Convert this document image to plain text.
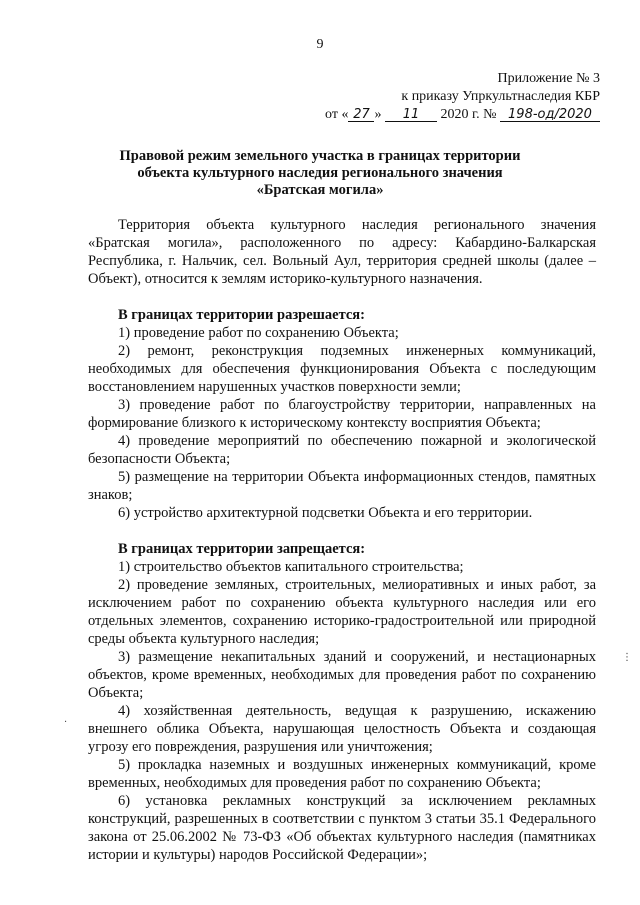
9
Приложение № 3
к приказу Упркультнаследия КБР
от « 27 » 11 2020 г. № 198-од/2020
Правовой режим земельного участка в границах территории
объекта культурного наследия регионального значения
«Братская могила»

Территория объекта культурного наследия регионального значения «Братская могила», расположенного по адресу: Кабардино-Балкарская Республика, г. Нальчик, сел. Вольный Аул, территория средней школы (далее – Объект), относится к землям историко-культурного назначения.

В границах территории разрешается:

1) проведение работ по сохранению Объекта;

2) ремонт, реконструкция подземных инженерных коммуникаций, необходимых для обеспечения функционирования Объекта с последующим восстановлением нарушенных участков поверхности земли;

3) проведение работ по благоустройству территории, направленных на формирование близкого к историческому контексту восприятия Объекта;

4) проведение мероприятий по обеспечению пожарной и экологической безопасности Объекта;

5) размещение на территории Объекта информационных стендов, памятных знаков;

6) устройство архитектурной подсветки Объекта и его территории.

В границах территории запрещается:

1) строительство объектов капитального строительства;

2) проведение земляных, строительных, мелиоративных и иных работ, за исключением работ по сохранению объекта культурного наследия или его отдельных элементов, сохранению историко-градостроительной или природной среды объекта культурного наследия;

3) размещение некапитальных зданий и сооружений, и нестационарных объектов, кроме временных, необходимых для проведения работ по сохранению Объекта;

4) хозяйственная деятельность, ведущая к разрушению, искажению внешнего облика Объекта, нарушающая целостность Объекта и создающая угрозу его повреждения, разрушения или уничтожения;

5) прокладка наземных и воздушных инженерных коммуникаций, кроме временных, необходимых для проведения работ по сохранению Объекта;

6) установка рекламных конструкций за исключением рекламных конструкций, разрешенных в соответствии с пунктом 3 статьи 35.1 Федерального закона от 25.06.2002 № 73-ФЗ «Об объектах культурного наследия (памятниках истории и культуры) народов Российской Федерации»;

⋮
·
